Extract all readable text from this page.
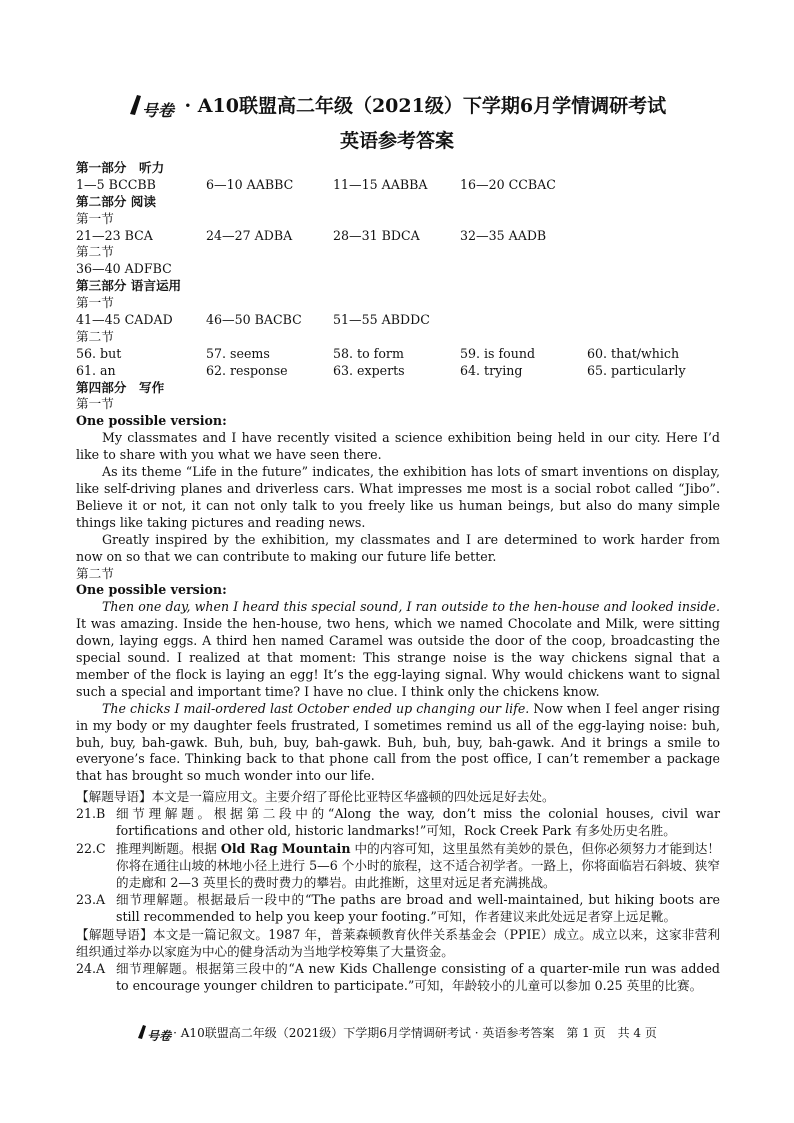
号卷 · A10联盟高二年级（2021级）下学期6月学情调研考试
英语参考答案
第一部分　听力
1—5 BCCBB	6—10 AABBC	11—15 AABBA	16—20 CCBAC
第二部分 阅读
第一节
21—23 BCA	24—27 ADBA	28—31 BDCA	32—35 AADB
第二节
36—40 ADFBC
第三部分 语言运用
第一节
41—45 CADAD	46—50 BACBC	51—55 ABDDC
第二节
56. but	57. seems	58. to form	59. is found	60. that/which
61. an	62. response	63. experts	64. trying	65. particularly
第四部分　写作
第一节
One possible version:

My classmates and I have recently visited a science exhibition being held in our city. Here I’d like to share with you what we have seen there.

As its theme “Life in the future” indicates, the exhibition has lots of smart inventions on display, like self-driving planes and driverless cars. What impresses me most is a social robot called “Jibo”. Believe it or not, it can not only talk to you freely like us human beings, but also do many simple things like taking pictures and reading news.

Greatly inspired by the exhibition, my classmates and I are determined to work harder from now on so that we can contribute to making our future life better.

第二节
One possible version:

Then one day, when I heard this special sound, I ran outside to the hen-house and looked inside. It was amazing. Inside the hen-house, two hens, which we named Chocolate and Milk, were sitting down, laying eggs. A third hen named Caramel was outside the door of the coop, broadcasting the special sound. I realized at that moment: This strange noise is the way chickens signal that a member of the flock is laying an egg! It’s the egg-laying signal. Why would chickens want to signal such a special and important time? I have no clue. I think only the chickens know.

The chicks I mail-ordered last October ended up changing our life. Now when I feel anger rising in my body or my daughter feels frustrated, I sometimes remind us all of the egg-laying noise: buh, buh, buy, bah-gawk. Buh, buh, buy, bah-gawk. Buh, buh, buy, bah-gawk. And it brings a smile to everyone’s face. Thinking back to that phone call from the post office, I can’t remember a package that has brought so much wonder into our life.

【解题导语】本文是一篇应用文。主要介绍了哥伦比亚特区华盛顿的四处远足好去处。
21.B 细节理解题。根据第二段中的“Along the way, don’t miss the colonial houses, civil war fortifications and other old, historic landmarks!”可知，Rock Creek Park 有多处历史名胜。
22.C 推理判断题。根据 Old Rag Mountain 中的内容可知，这里虽然有美妙的景色，但你必须努力才能到达！你将在通往山坡的林地小径上进行 5—6 个小时的旅程，这不适合初学者。一路上，你将面临岩石斜坡、狭窄的走廊和 2—3 英里长的费时费力的攀岩。由此推断，这里对远足者充满挑战。
23.A 细节理解题。根据最后一段中的“The paths are broad and well-maintained, but hiking boots are still recommended to help you keep your footing.”可知，作者建议来此处远足者穿上远足靴。
【解题导语】本文是一篇记叙文。1987 年，普莱森顿教育伙伴关系基金会（PPIE）成立。成立以来，这家非营利组织通过举办以家庭为中心的健身活动为当地学校筹集了大量资金。
24.A 细节理解题。根据第三段中的“A new Kids Challenge consisting of a quarter-mile run was added to encourage younger children to participate.”可知，年龄较小的儿童可以参加 0.25 英里的比赛。
号卷 · A10联盟高二年级（2021级）下学期6月学情调研考试 · 英语参考答案　第 1 页　共 4 页
